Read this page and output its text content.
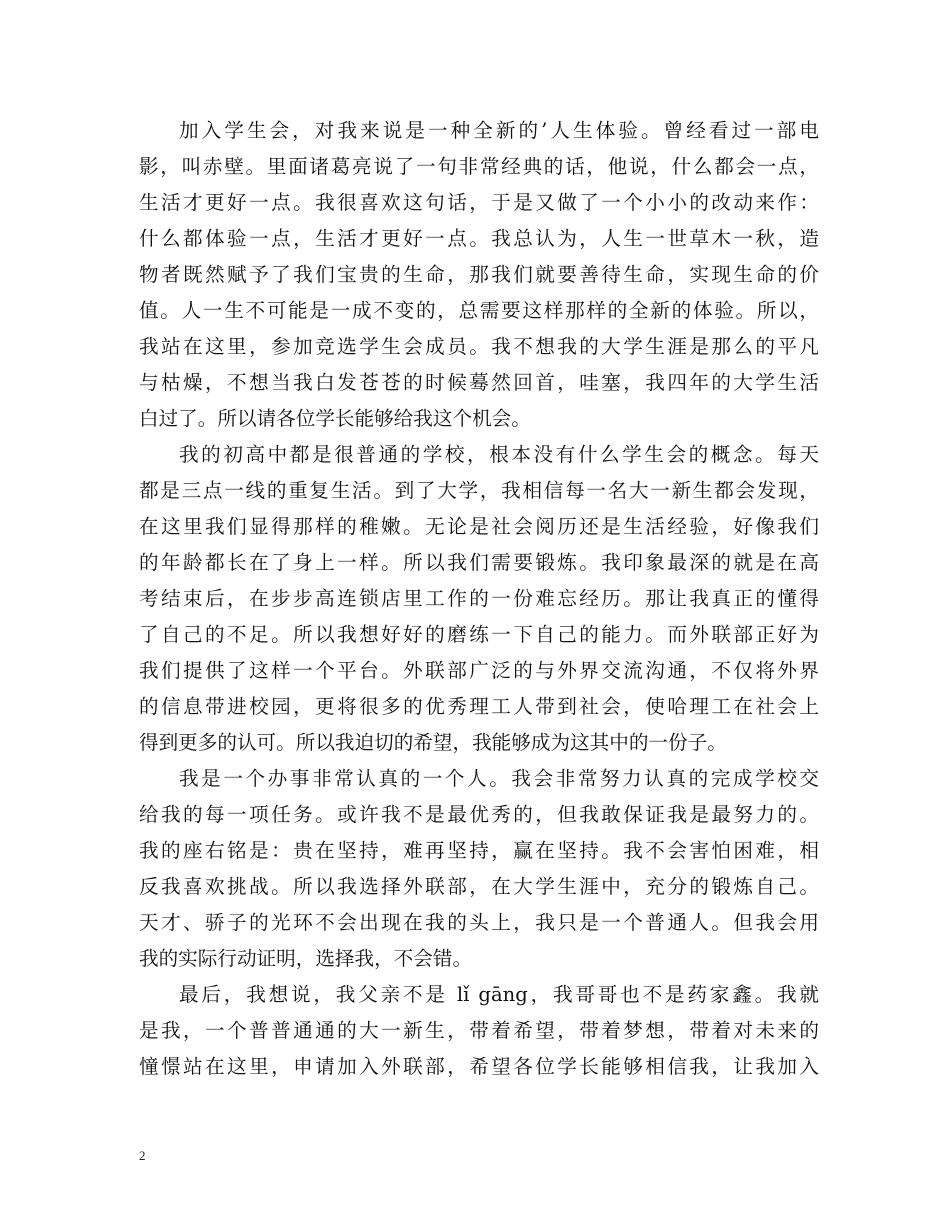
加入学生会，对我来说是一种全新的’人生体验。曾经看过一部电
影，叫赤壁。里面诸葛亮说了一句非常经典的话，他说，什么都会一点，
生活才更好一点。我很喜欢这句话，于是又做了一个小小的改动来作：
什么都体验一点，生活才更好一点。我总认为，人生一世草木一秋，造
物者既然赋予了我们宝贵的生命，那我们就要善待生命，实现生命的价
值。人一生不可能是一成不变的，总需要这样那样的全新的体验。所以，
我站在这里，参加竞选学生会成员。我不想我的大学生涯是那么的平凡
与枯燥，不想当我白发苍苍的时候蓦然回首，哇塞，我四年的大学生活
白过了。所以请各位学长能够给我这个机会。
我的初高中都是很普通的学校，根本没有什么学生会的概念。每天
都是三点一线的重复生活。到了大学，我相信每一名大一新生都会发现，
在这里我们显得那样的稚嫩。无论是社会阅历还是生活经验，好像我们
的年龄都长在了身上一样。所以我们需要锻炼。我印象最深的就是在高
考结束后，在步步高连锁店里工作的一份难忘经历。那让我真正的懂得
了自己的不足。所以我想好好的磨练一下自己的能力。而外联部正好为
我们提供了这样一个平台。外联部广泛的与外界交流沟通，不仅将外界
的信息带进校园，更将很多的优秀理工人带到社会，使哈理工在社会上
得到更多的认可。所以我迫切的希望，我能够成为这其中的一份子。
我是一个办事非常认真的一个人。我会非常努力认真的完成学校交
给我的每一项任务。或许我不是最优秀的，但我敢保证我是最努力的。
我的座右铭是：贵在坚持，难再坚持，赢在坚持。我不会害怕困难，相
反我喜欢挑战。所以我选择外联部，在大学生涯中，充分的锻炼自己。
天才、骄子的光环不会出现在我的头上，我只是一个普通人。但我会用
我的实际行动证明，选择我，不会错。
最后，我想说，我父亲不是 lǐ gāng，我哥哥也不是药家鑫。我就
是我，一个普普通通的大一新生，带着希望，带着梦想，带着对未来的
憧憬站在这里，申请加入外联部，希望各位学长能够相信我，让我加入
2
